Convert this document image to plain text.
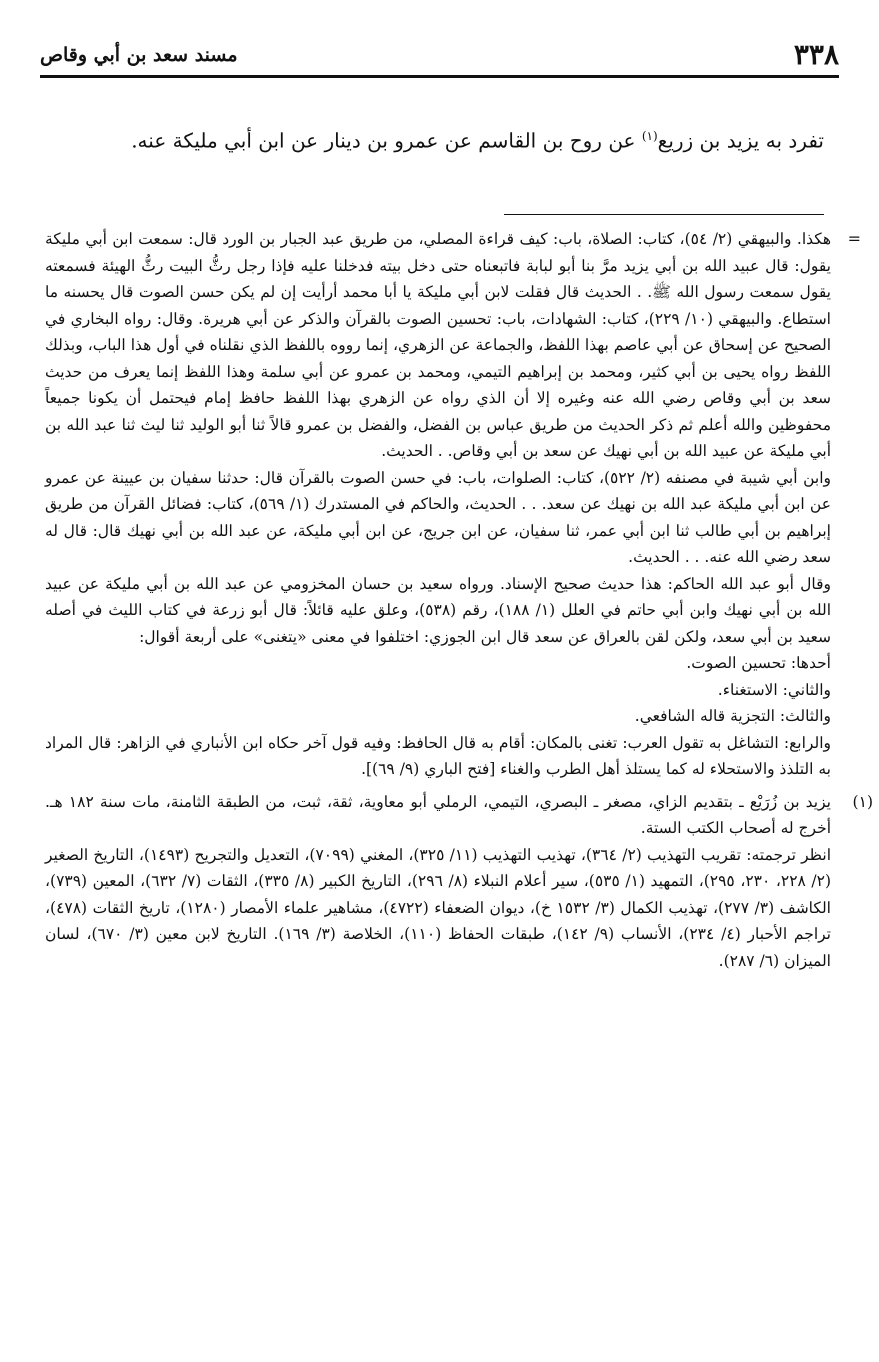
٣٣٨
مسند سعد بن أبي وقاص
تفرد به يزيد بن زريع$^{(١)}$ عن روح بن القاسم عن عمرو بن دينار عن ابن أبي مليكة عنه.
=

هكذا. والبيهقي (٢/ ٥٤)، كتاب: الصلاة، باب: كيف قراءة المصلي، من طريق عبد الجبار بن الورد قال: سمعت ابن أبي مليكة يقول: قال عبيد الله بن أبي يزيد مرَّ بنا أبو لبابة فاتبعناه حتى دخل بيته فدخلنا عليه فإذا رجل رثُّ البيت رثُّ الهيئة فسمعته يقول سمعت رسول الله ﷺ. . الحديث قال فقلت لابن أبي مليكة يا أبا محمد أرأيت إن لم يكن حسن الصوت قال يحسنه ما استطاع. والبيهقي (١٠/ ٢٢٩)، كتاب: الشهادات، باب: تحسين الصوت بالقرآن والذكر عن أبي هريرة. وقال: رواه البخاري في الصحيح عن إسحاق عن أبي عاصم بهذا اللفظ، والجماعة عن الزهري، إنما رووه باللفظ الذي نقلناه في أول هذا الباب، وبذلك اللفظ رواه يحيى بن أبي كثير، ومحمد بن إبراهيم التيمي، ومحمد بن عمرو عن أبي سلمة وهذا اللفظ إنما يعرف من حديث سعد بن أبي وقاص رضي الله عنه وغيره إلا أن الذي رواه عن الزهري بهذا اللفظ حافظ إمام فيحتمل أن يكونا جميعاً محفوظين والله أعلم ثم ذكر الحديث من طريق عباس بن الفضل، والفضل بن عمرو قالاً ثنا أبو الوليد ثنا ليث ثنا عبد الله بن أبي مليكة عن عبيد الله بن أبي نهيك عن سعد بن أبي وقاص. . الحديث.

وابن أبي شيبة في مصنفه (٢/ ٥٢٢)، كتاب: الصلوات، باب: في حسن الصوت بالقرآن قال: حدثنا سفيان بن عيينة عن عمرو عن ابن أبي مليكة عبد الله بن نهيك عن سعد. . . الحديث، والحاكم في المستدرك (١/ ٥٦٩)، كتاب: فضائل القرآن من طريق إبراهيم بن أبي طالب ثنا ابن أبي عمر، ثنا سفيان، عن ابن جريج، عن ابن أبي مليكة، عن عبد الله بن أبي نهيك قال: قال له سعد رضي الله عنه. . . الحديث.

وقال أبو عبد الله الحاكم: هذا حديث صحيح الإسناد. ورواه سعيد بن حسان المخزومي عن عبد الله بن أبي مليكة عن عبيد الله بن أبي نهيك وابن أبي حاتم في العلل (١/ ١٨٨)، رقم (٥٣٨)، وعلق عليه قائلاً: قال أبو زرعة في كتاب الليث في أصله سعيد بن أبي سعد، ولكن لقن بالعراق عن سعد قال ابن الجوزي: اختلفوا في معنى «يتغنى» على أربعة أقوال:

أحدها: تحسين الصوت.

والثاني: الاستغناء.

والثالث: التجزية قاله الشافعي.

والرابع: التشاغل به تقول العرب: تغنى بالمكان: أقام به قال الحافظ: وفيه قول آخر حكاه ابن الأنباري في الزاهر: قال المراد به التلذذ والاستحلاء له كما يستلذ أهل الطرب والغناء [فتح الباري (٩/ ٦٩)].

(١)

يزيد بن زُرَيْع ـ بتقديم الزاي، مصغر ـ البصري، التيمي، الرملي أبو معاوية، ثقة، ثبت، من الطبقة الثامنة، مات سنة ١٨٢ هـ. أخرج له أصحاب الكتب الستة.

انظر ترجمته: تقريب التهذيب (٢/ ٣٦٤)، تهذيب التهذيب (١١/ ٣٢٥)، المغني (٧٠٩٩)، التعديل والتجريح (١٤٩٣)، التاريخ الصغير (٢/ ٢٢٨، ٢٣٠، ٢٩٥)، التمهيد (١/ ٥٣٥)، سير أعلام النبلاء (٨/ ٢٩٦)، التاريخ الكبير (٨/ ٣٣٥)، الثقات (٧/ ٦٣٢)، المعين (٧٣٩)، الكاشف (٣/ ٢٧٧)، تهذيب الكمال (٣/ ١٥٣٢ خ)، ديوان الضعفاء (٤٧٢٢)، مشاهير علماء الأمصار (١٢٨٠)، تاريخ الثقات (٤٧٨)، تراجم الأحبار (٤/ ٢٣٤)، الأنساب (٩/ ١٤٢)، طبقات الحفاظ (١١٠)، الخلاصة (٣/ ١٦٩). التاريخ لابن معين (٣/ ٦٧٠)، لسان الميزان (٦/ ٢٨٧).
